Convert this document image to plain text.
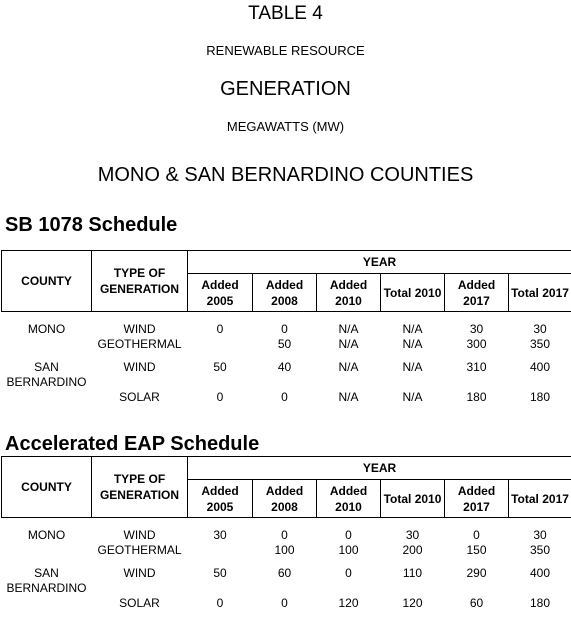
TABLE 4
RENEWABLE RESOURCE
GENERATION
MEGAWATTS (MW)
MONO & SAN BERNARDINO COUNTIES
SB 1078 Schedule
COUNTY	TYPE OF GENERATION	YEAR					
		Added 2005	Added 2008	Added 2010	Total 2010	Added 2017	Total 2017

MONO	WIND	0	0	N/A	N/A	30	30
	GEOTHERMAL		50	N/A	N/A	300	350

SAN BERNARDINO	WIND	50	40	N/A	N/A	310	400
	SOLAR	0	0	N/A	N/A	180	180
Accelerated EAP Schedule
COUNTY	TYPE OF GENERATION	YEAR					
		Added 2005	Added 2008	Added 2010	Total 2010	Added 2017	Total 2017

MONO	WIND	30	0	0	30	0	30
	GEOTHERMAL		100	100	200	150	350

SAN BERNARDINO	WIND	50	60	0	110	290	400
	SOLAR	0	0	120	120	60	180
